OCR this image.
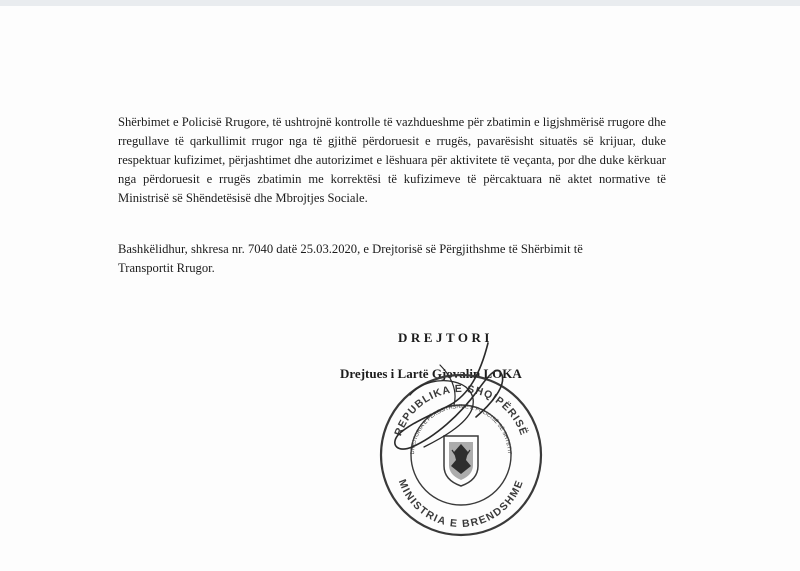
Shërbimet e Policisë Rrugore, të ushtrojnë kontrolle të vazhdueshme për zbatimin e ligjshmërisë rrugore dhe rregullave të qarkullimit rrugor nga të gjithë përdoruesit e rrugës, pavarësisht situatës së krijuar, duke respektuar kufizimet, përjashtimet dhe autorizimet e lëshuara për aktivitete të veçanta, por dhe duke kërkuar nga përdoruesit e rrugës zbatimin me korrektësi të kufizimeve të përcaktuara në aktet normative të Ministrisë së Shëndetësisë dhe Mbrojtjes Sociale.

Bashkëlidhur, shkresa nr. 7040 datë 25.03.2020, e Drejtorisë së Përgjithshme të Shërbimit të
Transportit Rrugor.
DREJTORI
Drejtues i Lartë Gjovalin LOKA
REPUBLIKA E SHQIPËRISË
MINISTRIA E BRENDSHME
DREJTORIA E PËRGJITHSHME E POLICISË SË SHTETIT
